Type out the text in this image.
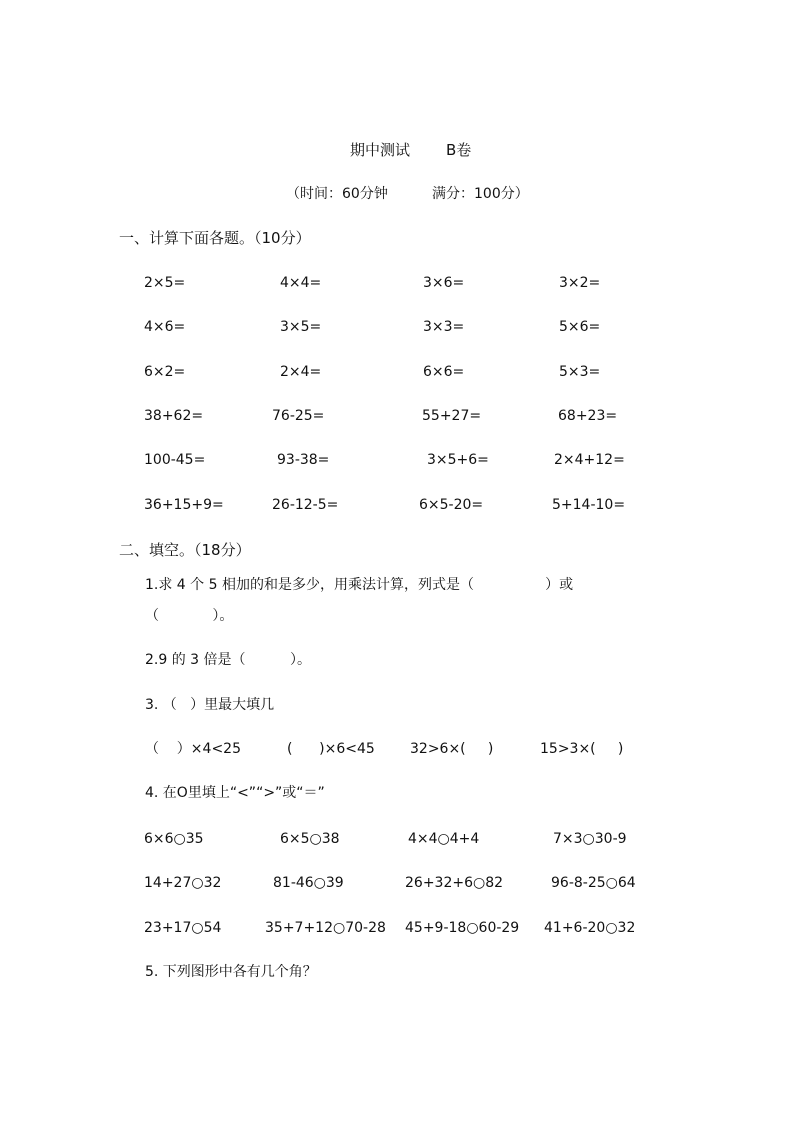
期中测试 B卷
（时间：60分钟	满分：100分）
一、计算下面各题。（10分）
2×5=	4×4=	3×6=	3×2=
4×6=	3×5=	3×3=	5×6=
6×2=	2×4=	6×6=	5×3=
38+62=	76-25=	55+27=	68+23=
100-45=	93-38=	3×5+6=	2×4+12=
36+15+9=	26-12-5=	6×5-20=	5+14-10=
二、填空。（18分）
1.求 4 个 5 相加的和是多少，用乘法计算，列式是（                ）或
（            ）。
2.9 的 3 倍是（          ）。
3. （   ）里最大填几
（    ）×4<25	(      )×6<45	32>6×(     )	15>3×(     )
4. 在O里填上“<”“>”或“＝”
6×6○35	6×5○38	4×4○4+4	7×3○30-9
14+27○32	81-46○39	26+32+6○82	96-8-25○64
23+17○54	35+7+12○70-28 45+9-18○60-29 41+6-20○32
5. 下列图形中各有几个角？
